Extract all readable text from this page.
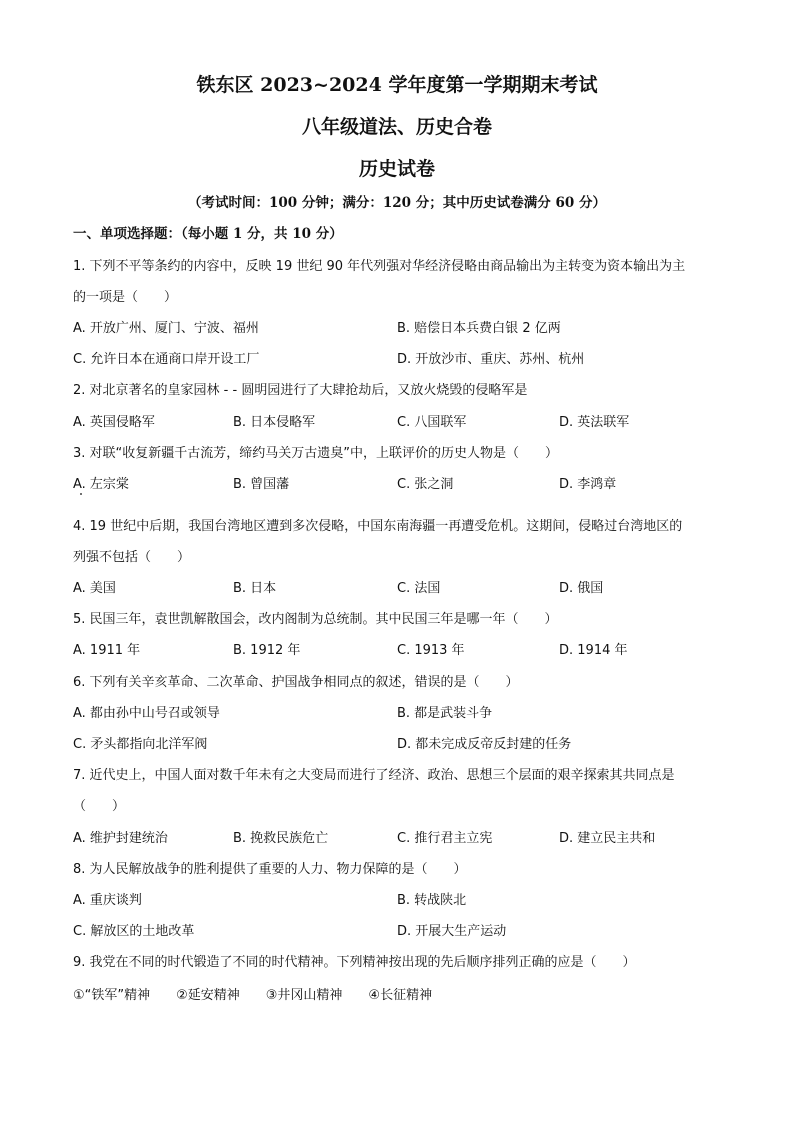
铁东区 2023~2024 学年度第一学期期末考试
八年级道法、历史合卷
历史试卷
（考试时间：100 分钟；满分：120 分；其中历史试卷满分 60 分）
一、单项选择题：（每小题 1 分，共 10 分）
1. 下列不平等条约的内容中，反映 19 世纪 90 年代列强对华经济侵略由商品输出为主转变为资本输出为主
的一项是（　　）
A. 开放广州、厦门、宁波、福州	B. 赔偿日本兵费白银 2 亿两
C. 允许日本在通商口岸开设工厂	D. 开放沙市、重庆、苏州、杭州
2. 对北京著名的皇家园林 - - 圆明园进行了大肆抢劫后，又放火烧毁的侵略军是
A. 英国侵略军	B. 日本侵略军	C. 八国联军	D. 英法联军
3. 对联“收复新疆千古流芳，缔约马关万古遗臭”中，上联评价的历史人物是（　　）
A. 左宗棠	B. 曾国藩	C. 张之洞	D. 李鸿章
4. 19 世纪中后期，我国台湾地区遭到多次侵略，中国东南海疆一再遭受危机。这期间，侵略过台湾地区的
列强不包括（　　）
A. 美国	B. 日本	C. 法国	D. 俄国
5. 民国三年，袁世凯解散国会，改内阁制为总统制。其中民国三年是哪一年（　　）
A. 1911 年	B. 1912 年	C. 1913 年	D. 1914 年
6. 下列有关辛亥革命、二次革命、护国战争相同点的叙述，错误的是（　　）
A. 都由孙中山号召或领导	B. 都是武装斗争
C. 矛头都指向北洋军阀	D. 都未完成反帝反封建的任务
7. 近代史上，中国人面对数千年未有之大变局而进行了经济、政治、思想三个层面的艰辛探索其共同点是
（　　）
A. 维护封建统治	B. 挽救民族危亡	C. 推行君主立宪	D. 建立民主共和
8. 为人民解放战争的胜利提供了重要的人力、物力保障的是（　　）
A. 重庆谈判	B. 转战陕北
C. 解放区的土地改革	D. 开展大生产运动
9. 我党在不同的时代锻造了不同的时代精神。下列精神按出现的先后顺序排列正确的应是（　　）
①“铁军”精神　　②延安精神　　③井冈山精神　　④长征精神
